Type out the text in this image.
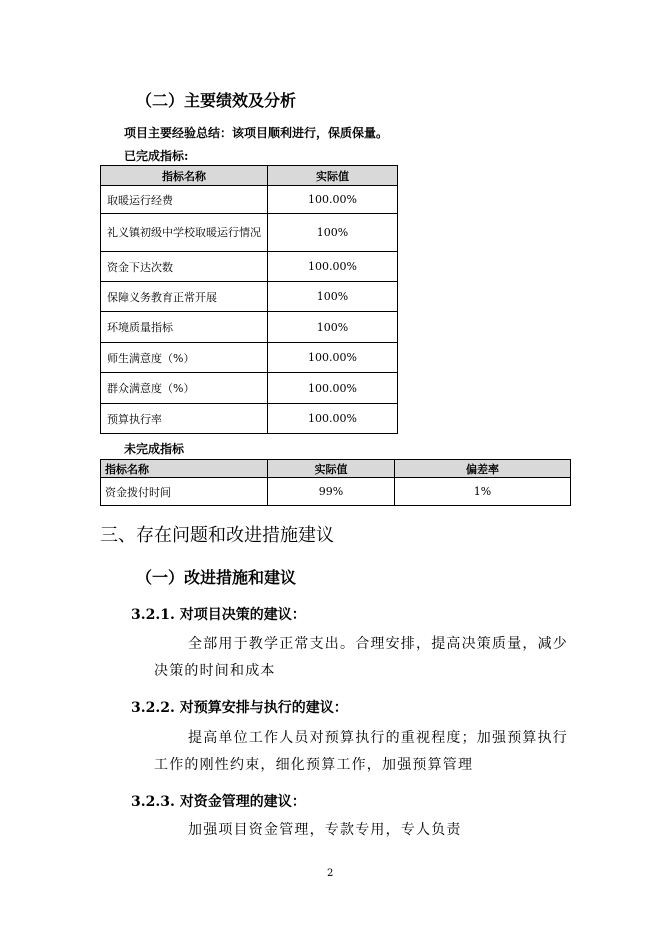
（二）主要绩效及分析
项目主要经验总结：该项目顺利进行，保质保量。
已完成指标:
指标名称	实际值
取暖运行经费	100.00%
礼义镇初级中学校取暖运行情况	100%
资金下达次数	100.00%
保障义务教育正常开展	100%
环境质量指标	100%
师生满意度（%）	100.00%
群众满意度（%）	100.00%
预算执行率	100.00%
未完成指标
指标名称	实际值	偏差率
资金拨付时间	99%	1%
三、存在问题和改进措施建议
（一）改进措施和建议
3.2.1. 对项目决策的建议：
全部用于教学正常支出。合理安排，提高决策质量，减少决策的时间和成本
3.2.2. 对预算安排与执行的建议：
提高单位工作人员对预算执行的重视程度；加强预算执行工作的刚性约束，细化预算工作，加强预算管理
3.2.3. 对资金管理的建议：
加强项目资金管理，专款专用，专人负责
2
